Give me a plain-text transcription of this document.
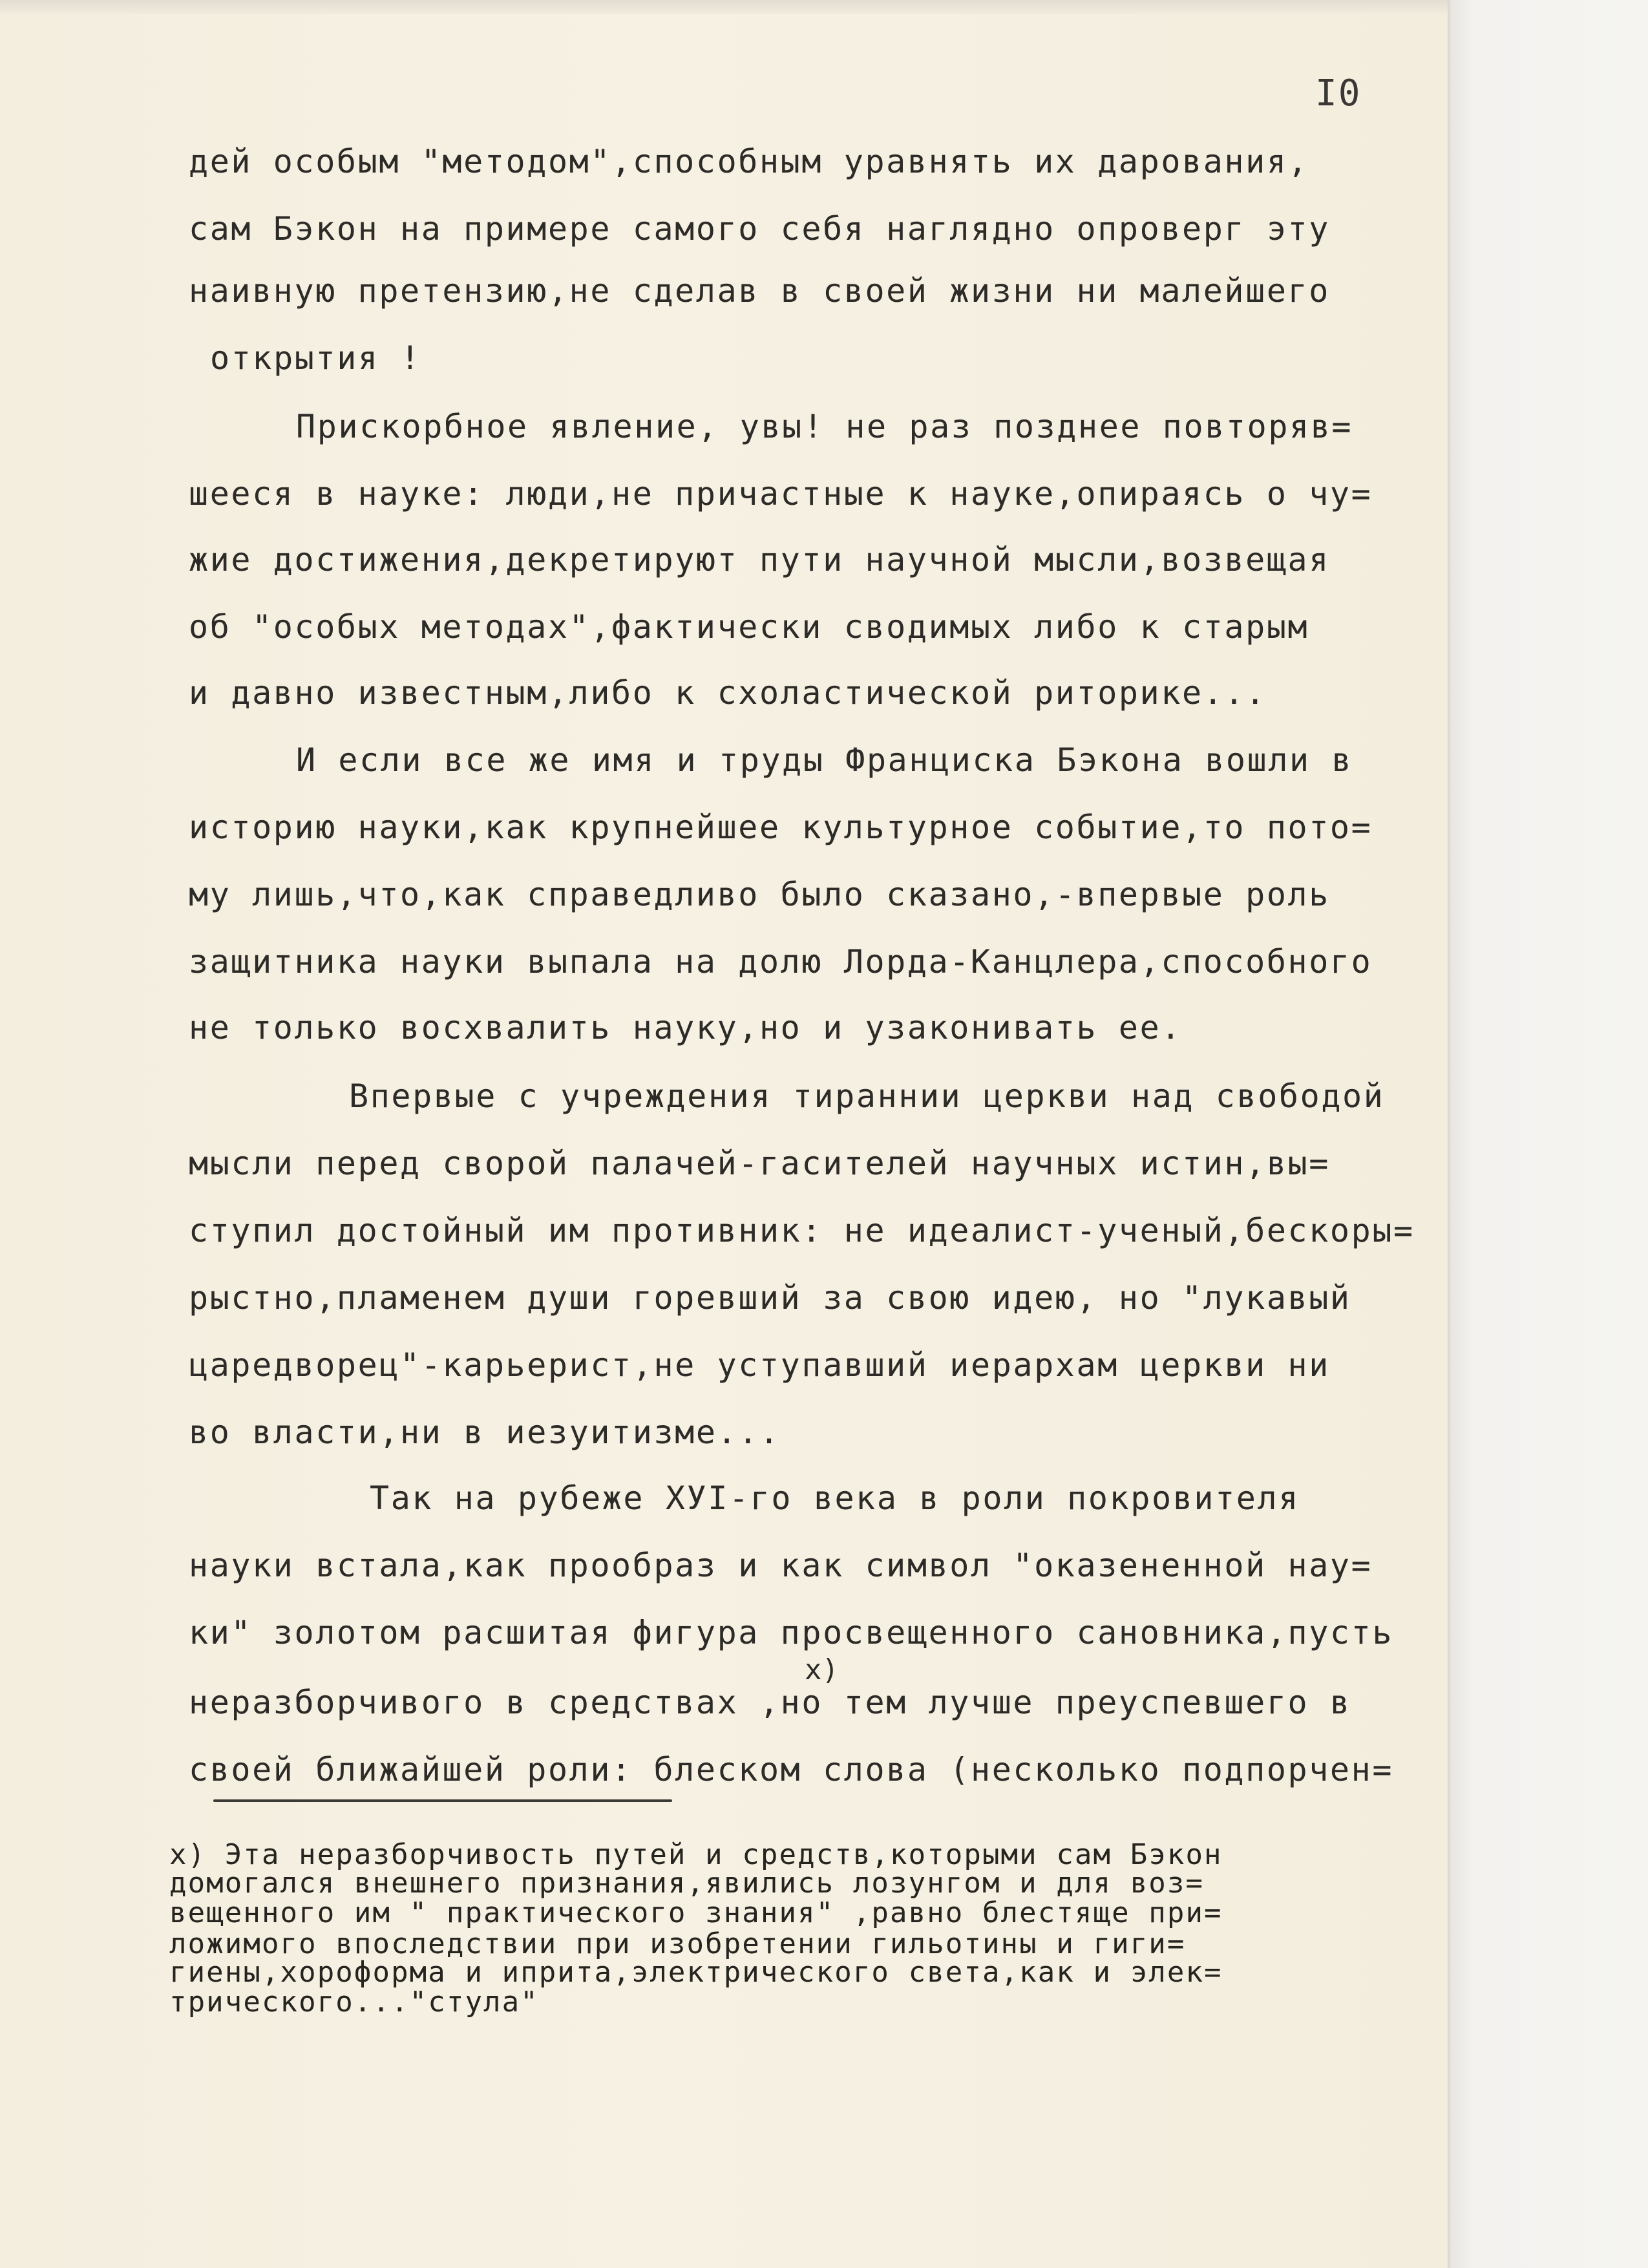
I0
дей особым "методом",способным уравнять их дарования,
сам Бэкон на примере самого себя наглядно опроверг эту
наивную претензию,не сделав в своей жизни ни малейшего
открытия !
Прискорбное явление, увы! не раз позднее повторяв=
шееся в науке: люди,не причастные к науке,опираясь о чу=
жие достижения,декретируют пути научной мысли,возвещая
об "особых методах",фактически сводимых либо к старым
и давно известным,либо к схоластической риторике...
И если все же имя и труды Франциска Бэкона вошли в
историю науки,как крупнейшее культурное событие,то пото=
му лишь,что,как справедливо было сказано,-впервые роль
защитника науки выпала на долю Лорда-Канцлера,способного
не только восхвалить науку,но и узаконивать ее.
Впервые с учреждения тираннии церкви над свободой
мысли перед сворой палачей-гасителей научных истин,вы=
ступил достойный им противник: не идеалист-ученый,бескоры=
рыстно,пламенем души горевший за свою идею, но "лукавый
царедворец"-карьерист,не уступавший иерархам церкви ни
во власти,ни в иезуитизме...
Так на рубеже ХУI-го века в роли покровителя
науки встала,как прообраз и как символ "оказененной нау=
ки" золотом расшитая фигура просвещенного сановника,пусть
неразборчивого в средствах ,но тем лучше преуспевшего в
своей ближайшей роли: блеском слова (несколько подпорчен=
х)
х) Эта неразборчивость путей и средств,которыми сам Бэкон
домогался внешнего признания,явились лозунгом и для воз=
вещенного им " практического знания" ,равно блестяще при=
ложимого впоследствии при изобретении гильотины и гиги=
гиены,хороформа и иприта,электрического света,как и элек=
трического..."стула"
